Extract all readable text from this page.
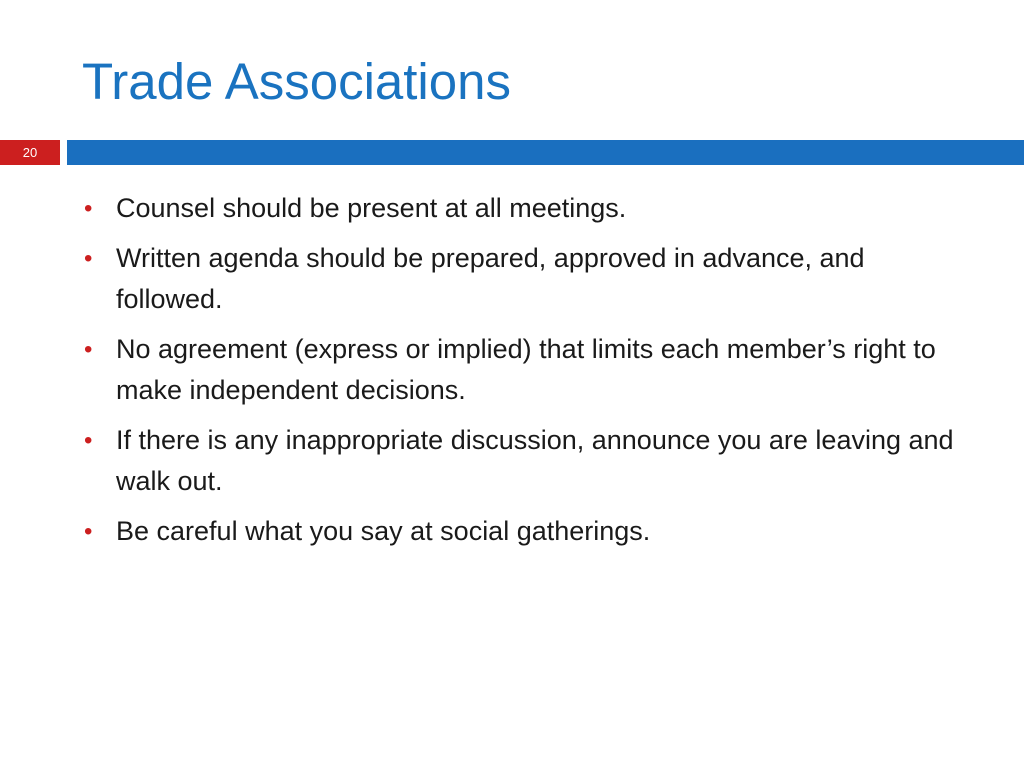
Trade Associations
20
• Counsel should be present at all meetings.
• Written agenda should be prepared, approved in advance, and followed.
• No agreement (express or implied) that limits each member’s right to make independent decisions.
• If there is any inappropriate discussion, announce you are leaving and walk out.
• Be careful what you say at social gatherings.
